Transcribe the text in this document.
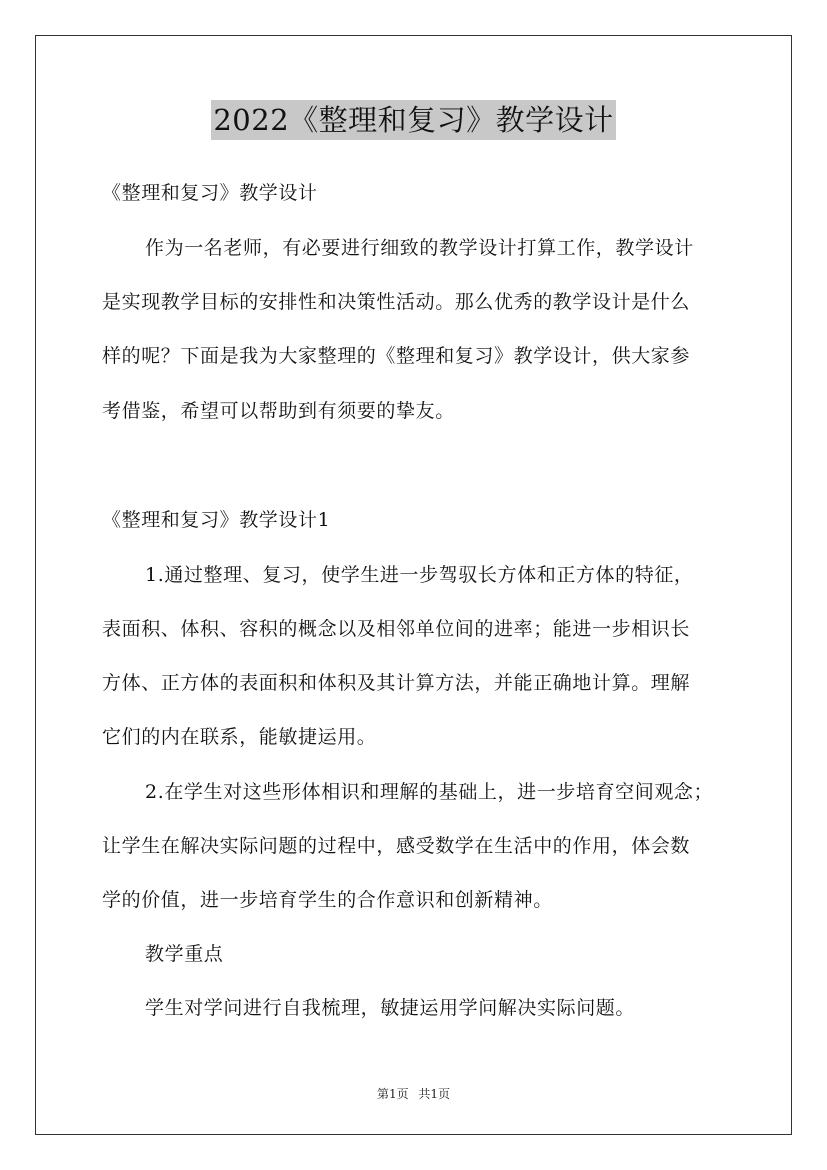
2022《整理和复习》教学设计
《整理和复习》教学设计
作为一名老师，有必要进行细致的教学设计打算工作，教学设计
是实现教学目标的安排性和决策性活动。那么优秀的教学设计是什么
样的呢？下面是我为大家整理的《整理和复习》教学设计，供大家参
考借鉴，希望可以帮助到有须要的挚友。
《整理和复习》教学设计1
1.通过整理、复习，使学生进一步驾驭长方体和正方体的特征，
表面积、体积、容积的概念以及相邻单位间的进率；能进一步相识长
方体、正方体的表面积和体积及其计算方法，并能正确地计算。理解
它们的内在联系，能敏捷运用。
2.在学生对这些形体相识和理解的基础上，进一步培育空间观念；
让学生在解决实际问题的过程中，感受数学在生活中的作用，体会数
学的价值，进一步培育学生的合作意识和创新精神。
教学重点
学生对学问进行自我梳理，敏捷运用学问解决实际问题。
第1页 共1页
